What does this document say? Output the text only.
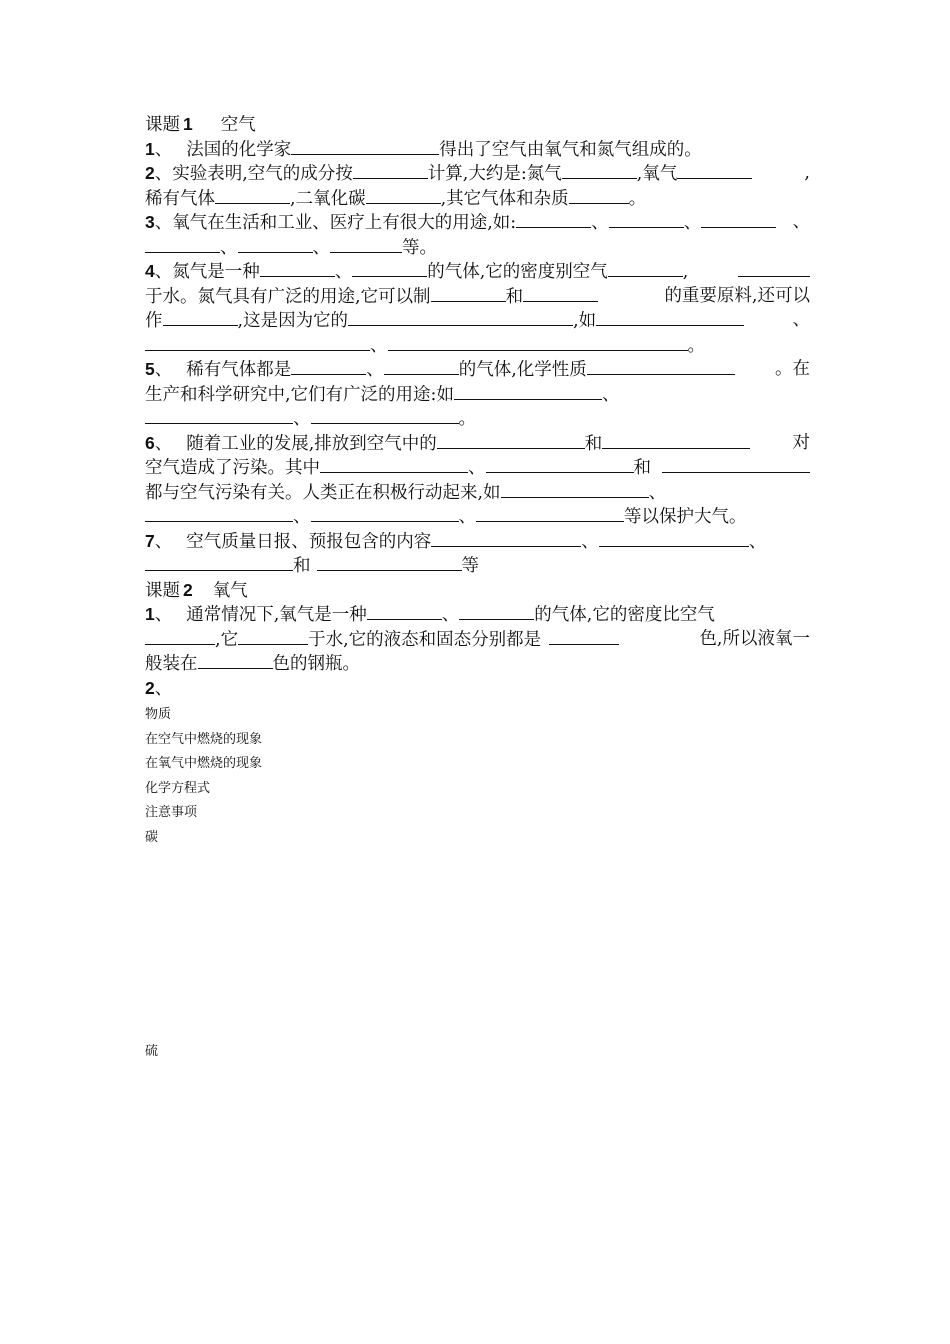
课题 1 空气
1、 法国的化学家	得出了空气由氧气和氮气组成的。
2、实验表明,空气的成分按	计算,大约是:氮气	,氧气	,
稀有气体	,二氧化碳	,其它气体和杂质	。
3、氧气在生活和工业、医疗上有很大的用途,如:	、	、	、
、	、	等。
4、氮气是一种	、	的气体,它的密度别空气	,
于水。氮气具有广泛的用途,它可以制	和	的重要原料,还可以
作	,这是因为它的	,如	、
、	。
5、 稀有气体都是	、	的气体,化学性质	。在
生产和科学研究中,它们有广泛的用途:如	、
、	。
6、 随着工业的发展,排放到空气中的	和	对
空气造成了污染。其中	、	和
都与空气污染有关。人类正在积极行动起来,如	、
、	、	等以保护大气。
7、 空气质量日报、预报包含的内容	、	、
和	等
课题 2 氧气
1、 通常情况下,氧气是一种	、	的气体,它的密度比空气
,它	于水,它的液态和固态分别都是	色,所以液氧一
般装在	色的钢瓶。
2、
物质
在空气中燃烧的现象
在氧气中燃烧的现象
化学方程式
注意事项
碳
硫
